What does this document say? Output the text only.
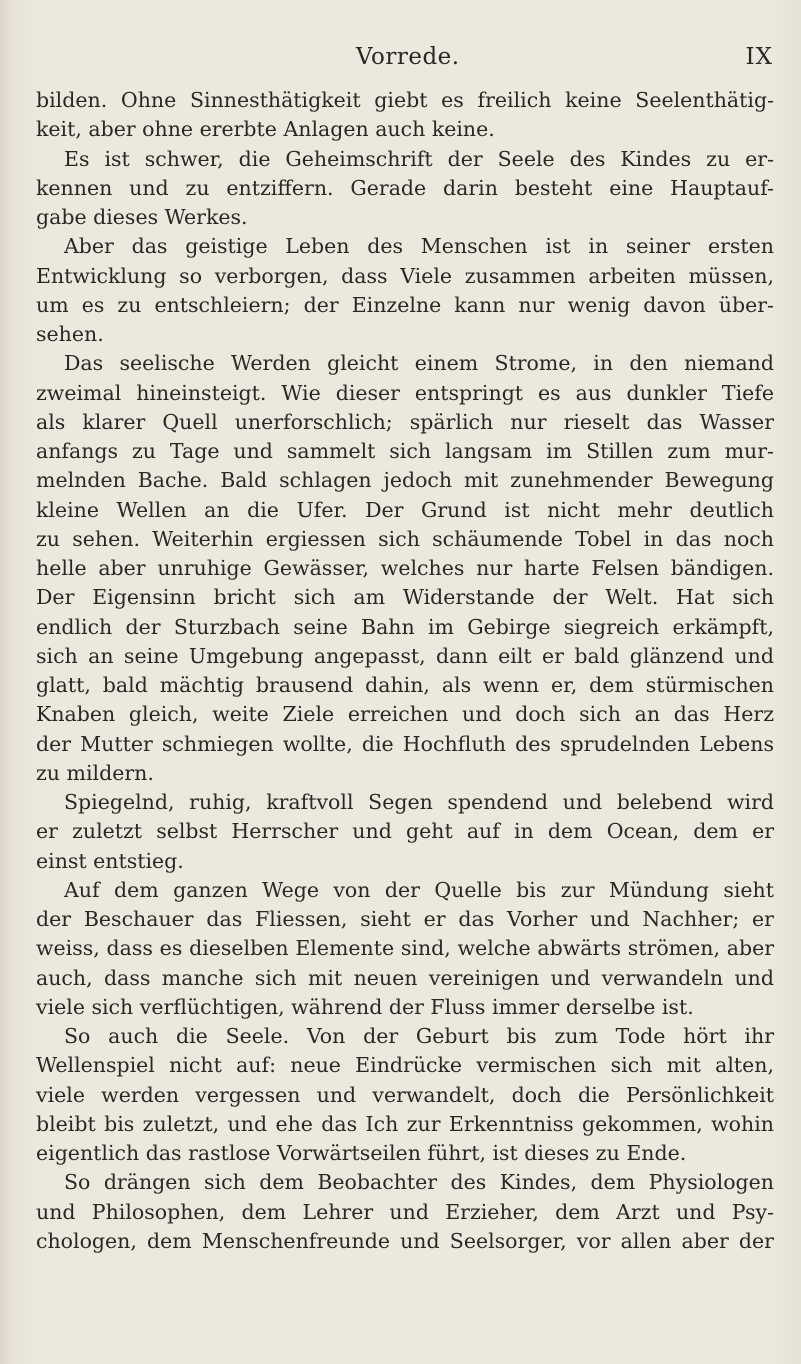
Vorrede.	IX
bilden. Ohne Sinnesthätigkeit giebt es freilich keine Seelenthätig-
keit, aber ohne ererbte Anlagen auch keine.
Es ist schwer, die Geheimschrift der Seele des Kindes zu er-
kennen und zu entziffern. Gerade darin besteht eine Hauptauf-
gabe dieses Werkes.
Aber das geistige Leben des Menschen ist in seiner ersten
Entwicklung so verborgen, dass Viele zusammen arbeiten müssen,
um es zu entschleiern; der Einzelne kann nur wenig davon über-
sehen.
Das seelische Werden gleicht einem Strome, in den niemand
zweimal hineinsteigt. Wie dieser entspringt es aus dunkler Tiefe
als klarer Quell unerforschlich; spärlich nur rieselt das Wasser
anfangs zu Tage und sammelt sich langsam im Stillen zum mur-
melnden Bache. Bald schlagen jedoch mit zunehmender Bewegung
kleine Wellen an die Ufer. Der Grund ist nicht mehr deutlich
zu sehen. Weiterhin ergiessen sich schäumende Tobel in das noch
helle aber unruhige Gewässer, welches nur harte Felsen bändigen.
Der Eigensinn bricht sich am Widerstande der Welt. Hat sich
endlich der Sturzbach seine Bahn im Gebirge siegreich erkämpft,
sich an seine Umgebung angepasst, dann eilt er bald glänzend und
glatt, bald mächtig brausend dahin, als wenn er, dem stürmischen
Knaben gleich, weite Ziele erreichen und doch sich an das Herz
der Mutter schmiegen wollte, die Hochfluth des sprudelnden Lebens
zu mildern.
Spiegelnd, ruhig, kraftvoll Segen spendend und belebend wird
er zuletzt selbst Herrscher und geht auf in dem Ocean, dem er
einst entstieg.
Auf dem ganzen Wege von der Quelle bis zur Mündung sieht
der Beschauer das Fliessen, sieht er das Vorher und Nachher; er
weiss, dass es dieselben Elemente sind, welche abwärts strömen, aber
auch, dass manche sich mit neuen vereinigen und verwandeln und
viele sich verflüchtigen, während der Fluss immer derselbe ist.
So auch die Seele. Von der Geburt bis zum Tode hört ihr
Wellenspiel nicht auf: neue Eindrücke vermischen sich mit alten,
viele werden vergessen und verwandelt, doch die Persönlichkeit
bleibt bis zuletzt, und ehe das Ich zur Erkenntniss gekommen, wohin
eigentlich das rastlose Vorwärtseilen führt, ist dieses zu Ende.
So drängen sich dem Beobachter des Kindes, dem Physiologen
und Philosophen, dem Lehrer und Erzieher, dem Arzt und Psy-
chologen, dem Menschenfreunde und Seelsorger, vor allen aber der
